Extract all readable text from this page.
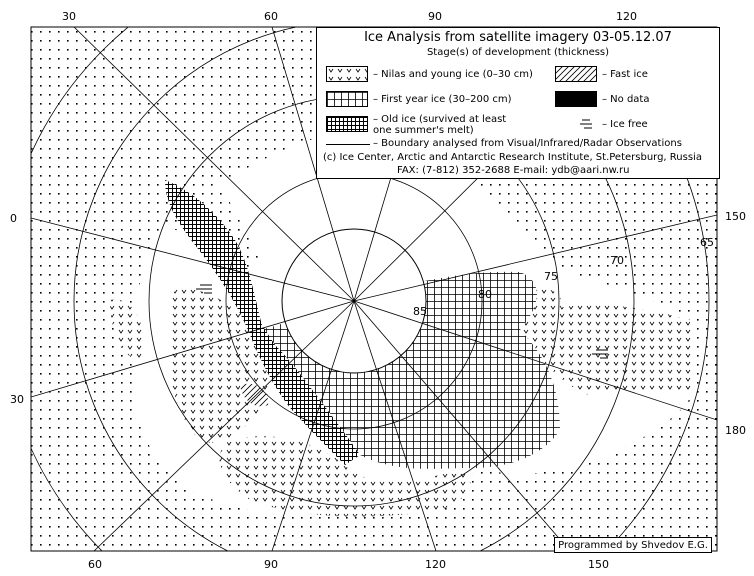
30	60	90	120
60	90	120	150
0
30
150
180
65
70
75
80
85
Ice Analysis from satellite imagery 03-05.12.07
Stage(s) of development (thickness)
– Nilas and young ice (0–30 cm)	– Fast ice
– First year ice (30–200 cm)	– No data
– Old ice (survived at least
one summer's melt)
– Ice free
– Boundary analysed from Visual/Infrared/Radar Observations
(c) Ice Center, Arctic and Antarctic Research Institute, St.Petersburg, Russia
FAX: (7-812) 352-2688 E-mail: ydb@aari.nw.ru
Programmed by Shvedov E.G.
